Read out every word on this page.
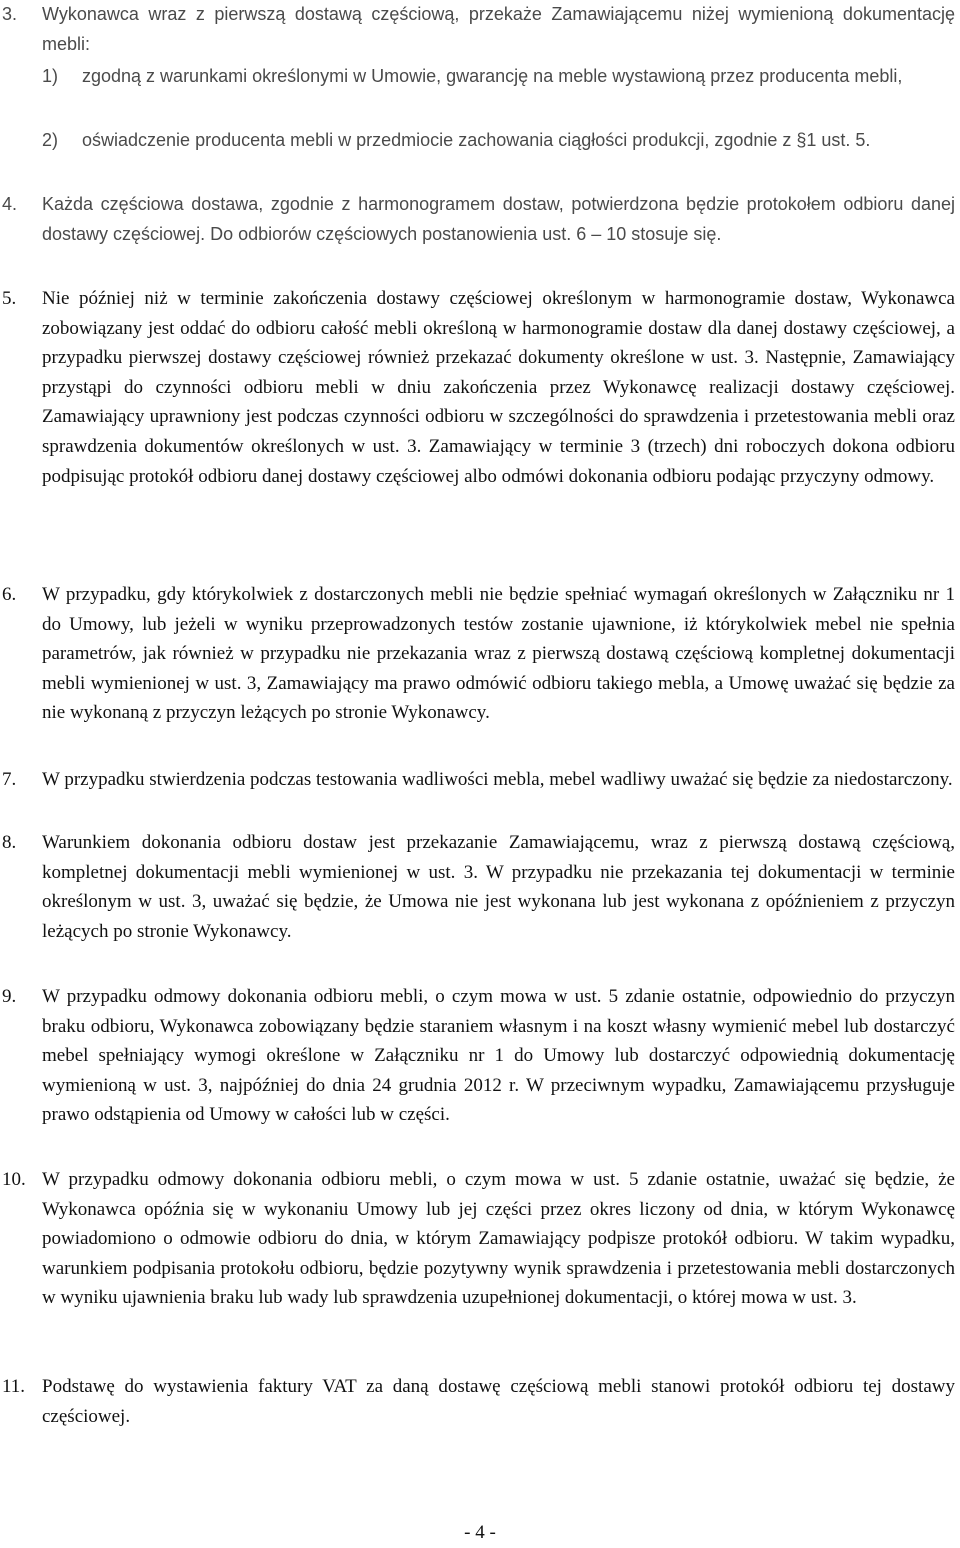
3. Wykonawca wraz z pierwszą dostawą częściową, przekaże Zamawiającemu niżej wymienioną dokumentację mebli:
1) zgodną z warunkami określonymi w Umowie, gwarancję na meble wystawioną przez producenta mebli,
2) oświadczenie producenta mebli w przedmiocie zachowania ciągłości produkcji, zgodnie z §1 ust. 5.
4. Każda częściowa dostawa, zgodnie z harmonogramem dostaw, potwierdzona będzie protokołem odbioru danej dostawy częściowej. Do odbiorów częściowych postanowienia ust. 6 – 10 stosuje się.
5. Nie później niż w terminie zakończenia dostawy częściowej określonym w harmonogramie dostaw, Wykonawca zobowiązany jest oddać do odbioru całość mebli określoną w harmonogramie dostaw dla danej dostawy częściowej, a przypadku pierwszej dostawy częściowej również przekazać dokumenty określone w ust. 3. Następnie, Zamawiający przystąpi do czynności odbioru mebli w dniu zakończenia przez Wykonawcę realizacji dostawy częściowej. Zamawiający uprawniony jest podczas czynności odbioru w szczególności do sprawdzenia i przetestowania mebli oraz sprawdzenia dokumentów określonych w ust. 3. Zamawiający w terminie 3 (trzech) dni roboczych dokona odbioru podpisując protokół odbioru danej dostawy częściowej albo odmówi dokonania odbioru podając przyczyny odmowy.
6. W przypadku, gdy którykolwiek z dostarczonych mebli nie będzie spełniać wymagań określonych w Załączniku nr 1 do Umowy, lub jeżeli w wyniku przeprowadzonych testów zostanie ujawnione, iż którykolwiek mebel nie spełnia parametrów, jak również w przypadku nie przekazania wraz z pierwszą dostawą częściową kompletnej dokumentacji mebli wymienionej w ust. 3, Zamawiający ma prawo odmówić odbioru takiego mebla, a Umowę uważać się będzie za nie wykonaną z przyczyn leżących po stronie Wykonawcy.
7. W przypadku stwierdzenia podczas testowania wadliwości mebla, mebel wadliwy uważać się będzie za niedostarczony.
8. Warunkiem dokonania odbioru dostaw jest przekazanie Zamawiającemu, wraz z pierwszą dostawą częściową, kompletnej dokumentacji mebli wymienionej w ust. 3. W przypadku nie przekazania tej dokumentacji w terminie określonym w ust. 3, uważać się będzie, że Umowa nie jest wykonana lub jest wykonana z opóźnieniem z przyczyn leżących po stronie Wykonawcy.
9. W przypadku odmowy dokonania odbioru mebli, o czym mowa w ust. 5 zdanie ostatnie, odpowiednio do przyczyn braku odbioru, Wykonawca zobowiązany będzie staraniem własnym i na koszt własny wymienić mebel lub dostarczyć mebel spełniający wymogi określone w Załączniku nr 1 do Umowy lub dostarczyć odpowiednią dokumentację wymienioną w ust. 3, najpóźniej do dnia 24 grudnia 2012 r. W przeciwnym wypadku, Zamawiającemu przysługuje prawo odstąpienia od Umowy w całości lub w części.
10. W przypadku odmowy dokonania odbioru mebli, o czym mowa w ust. 5 zdanie ostatnie, uważać się będzie, że Wykonawca opóźnia się w wykonaniu Umowy lub jej części przez okres liczony od dnia, w którym Wykonawcę powiadomiono o odmowie odbioru do dnia, w którym Zamawiający podpisze protokół odbioru. W takim wypadku, warunkiem podpisania protokołu odbioru, będzie pozytywny wynik sprawdzenia i przetestowania mebli dostarczonych w wyniku ujawnienia braku lub wady lub sprawdzenia uzupełnionej dokumentacji, o której mowa w ust. 3.
11. Podstawę do wystawienia faktury VAT za daną dostawę częściową mebli stanowi protokół odbioru tej dostawy częściowej.
- 4 -
